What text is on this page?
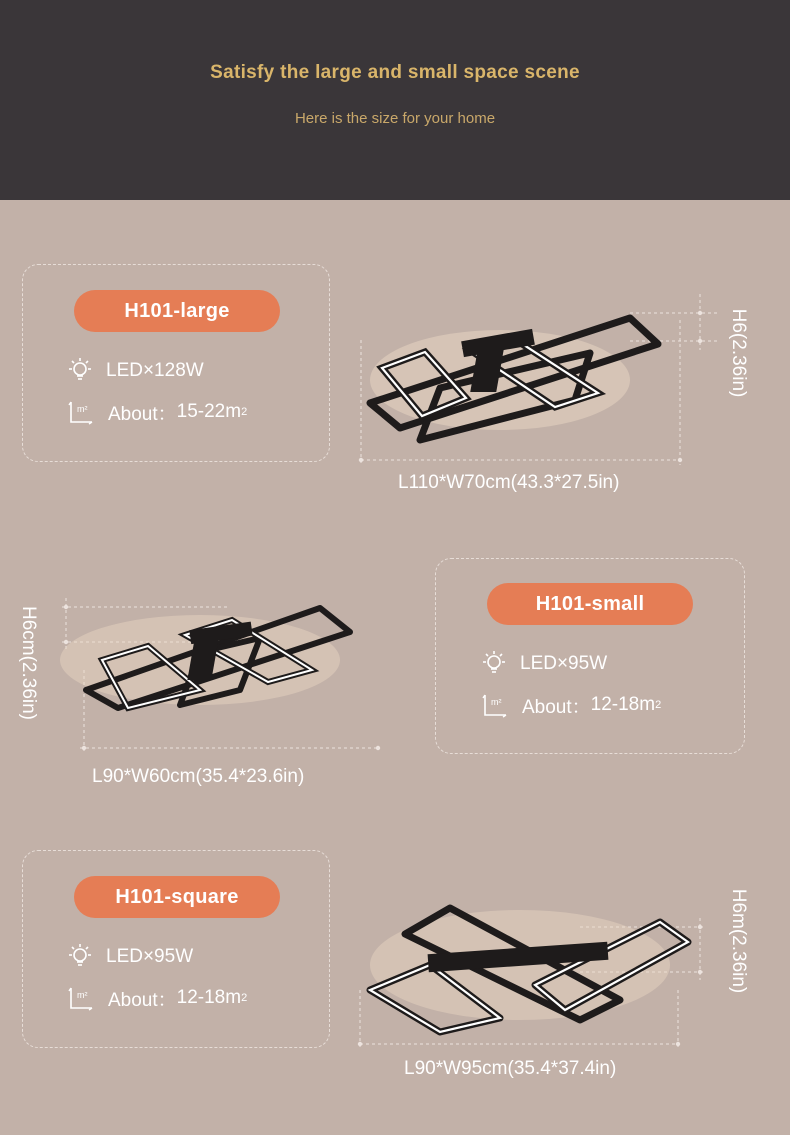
Satisfy the large and small space scene
Here is the size for your home
H101-large
LED×128W
m² About： 15-22m 2
L110*W70cm(43.3*27.5in)
H6(2.36in)
H101-small
LED×95W
m² About： 12-18m 2
L90*W60cm(35.4*23.6in)
H6cm(2.36in)
H101-square
LED×95W
m² About： 12-18m 2
L90*W95cm(35.4*37.4in)
H6m(2.36in)
